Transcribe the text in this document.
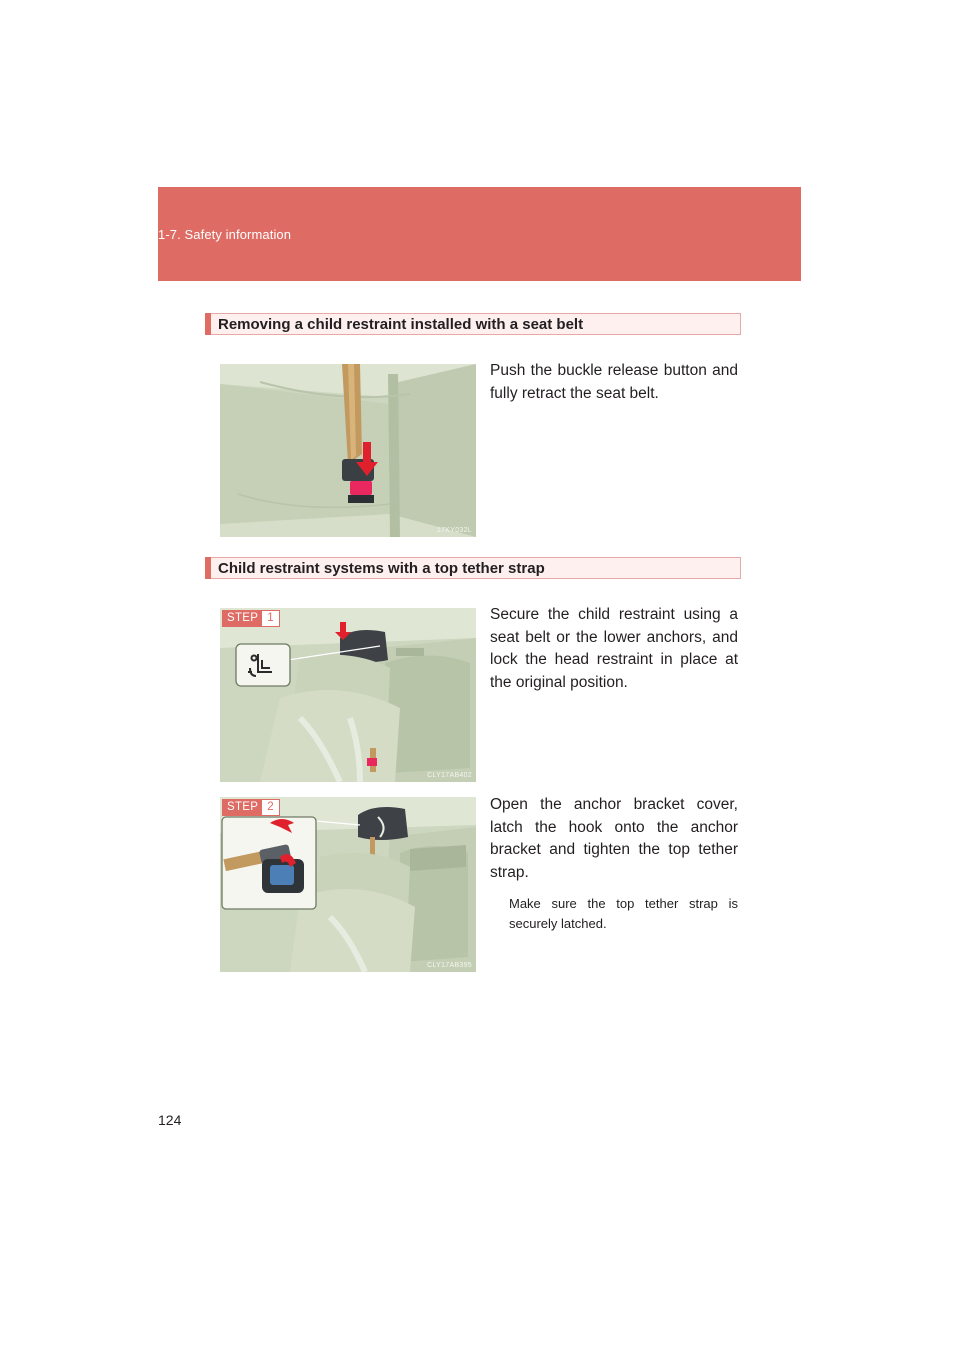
1-7. Safety information
Removing a child restraint installed with a seat belt
17KY032L
Push the buckle release button and fully retract the seat belt.
Child restraint systems with a top tether strap
STEP 1
CLY17AB402
Secure the child restraint using a seat belt or the lower anchors, and lock the head restraint in place at the original position.
STEP 2
CLY17AB395
Open the anchor bracket cover, latch the hook onto the anchor bracket and tighten the top tether strap.
Make sure the top tether strap is securely latched.
124
